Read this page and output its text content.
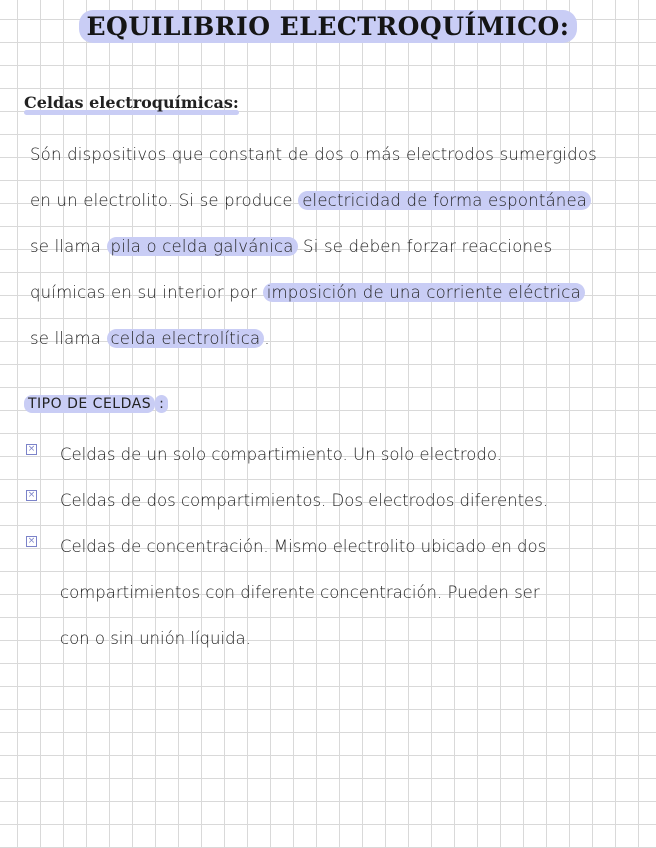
EQUILIBRIO ELECTROQUÍMICO:
Celdas electroquímicas:
Són dispositivos que constant de dos o más electrodos sumergidos
en un electrolito. Si se produce electricidad de forma espontánea
se llama pila o celda galvánica Si se deben forzar reacciones
químicas en su interior por imposición de una corriente eléctrica
se llama celda electrolítica .
TIPO DE CELDAS :
× Celdas de un solo compartimiento. Un solo electrodo.
× Celdas de dos compartimientos. Dos electrodos diferentes.
× Celdas de concentración. Mismo electrolito ubicado en dos
compartimientos con diferente concentración. Pueden ser
con o sin unión líquida.
